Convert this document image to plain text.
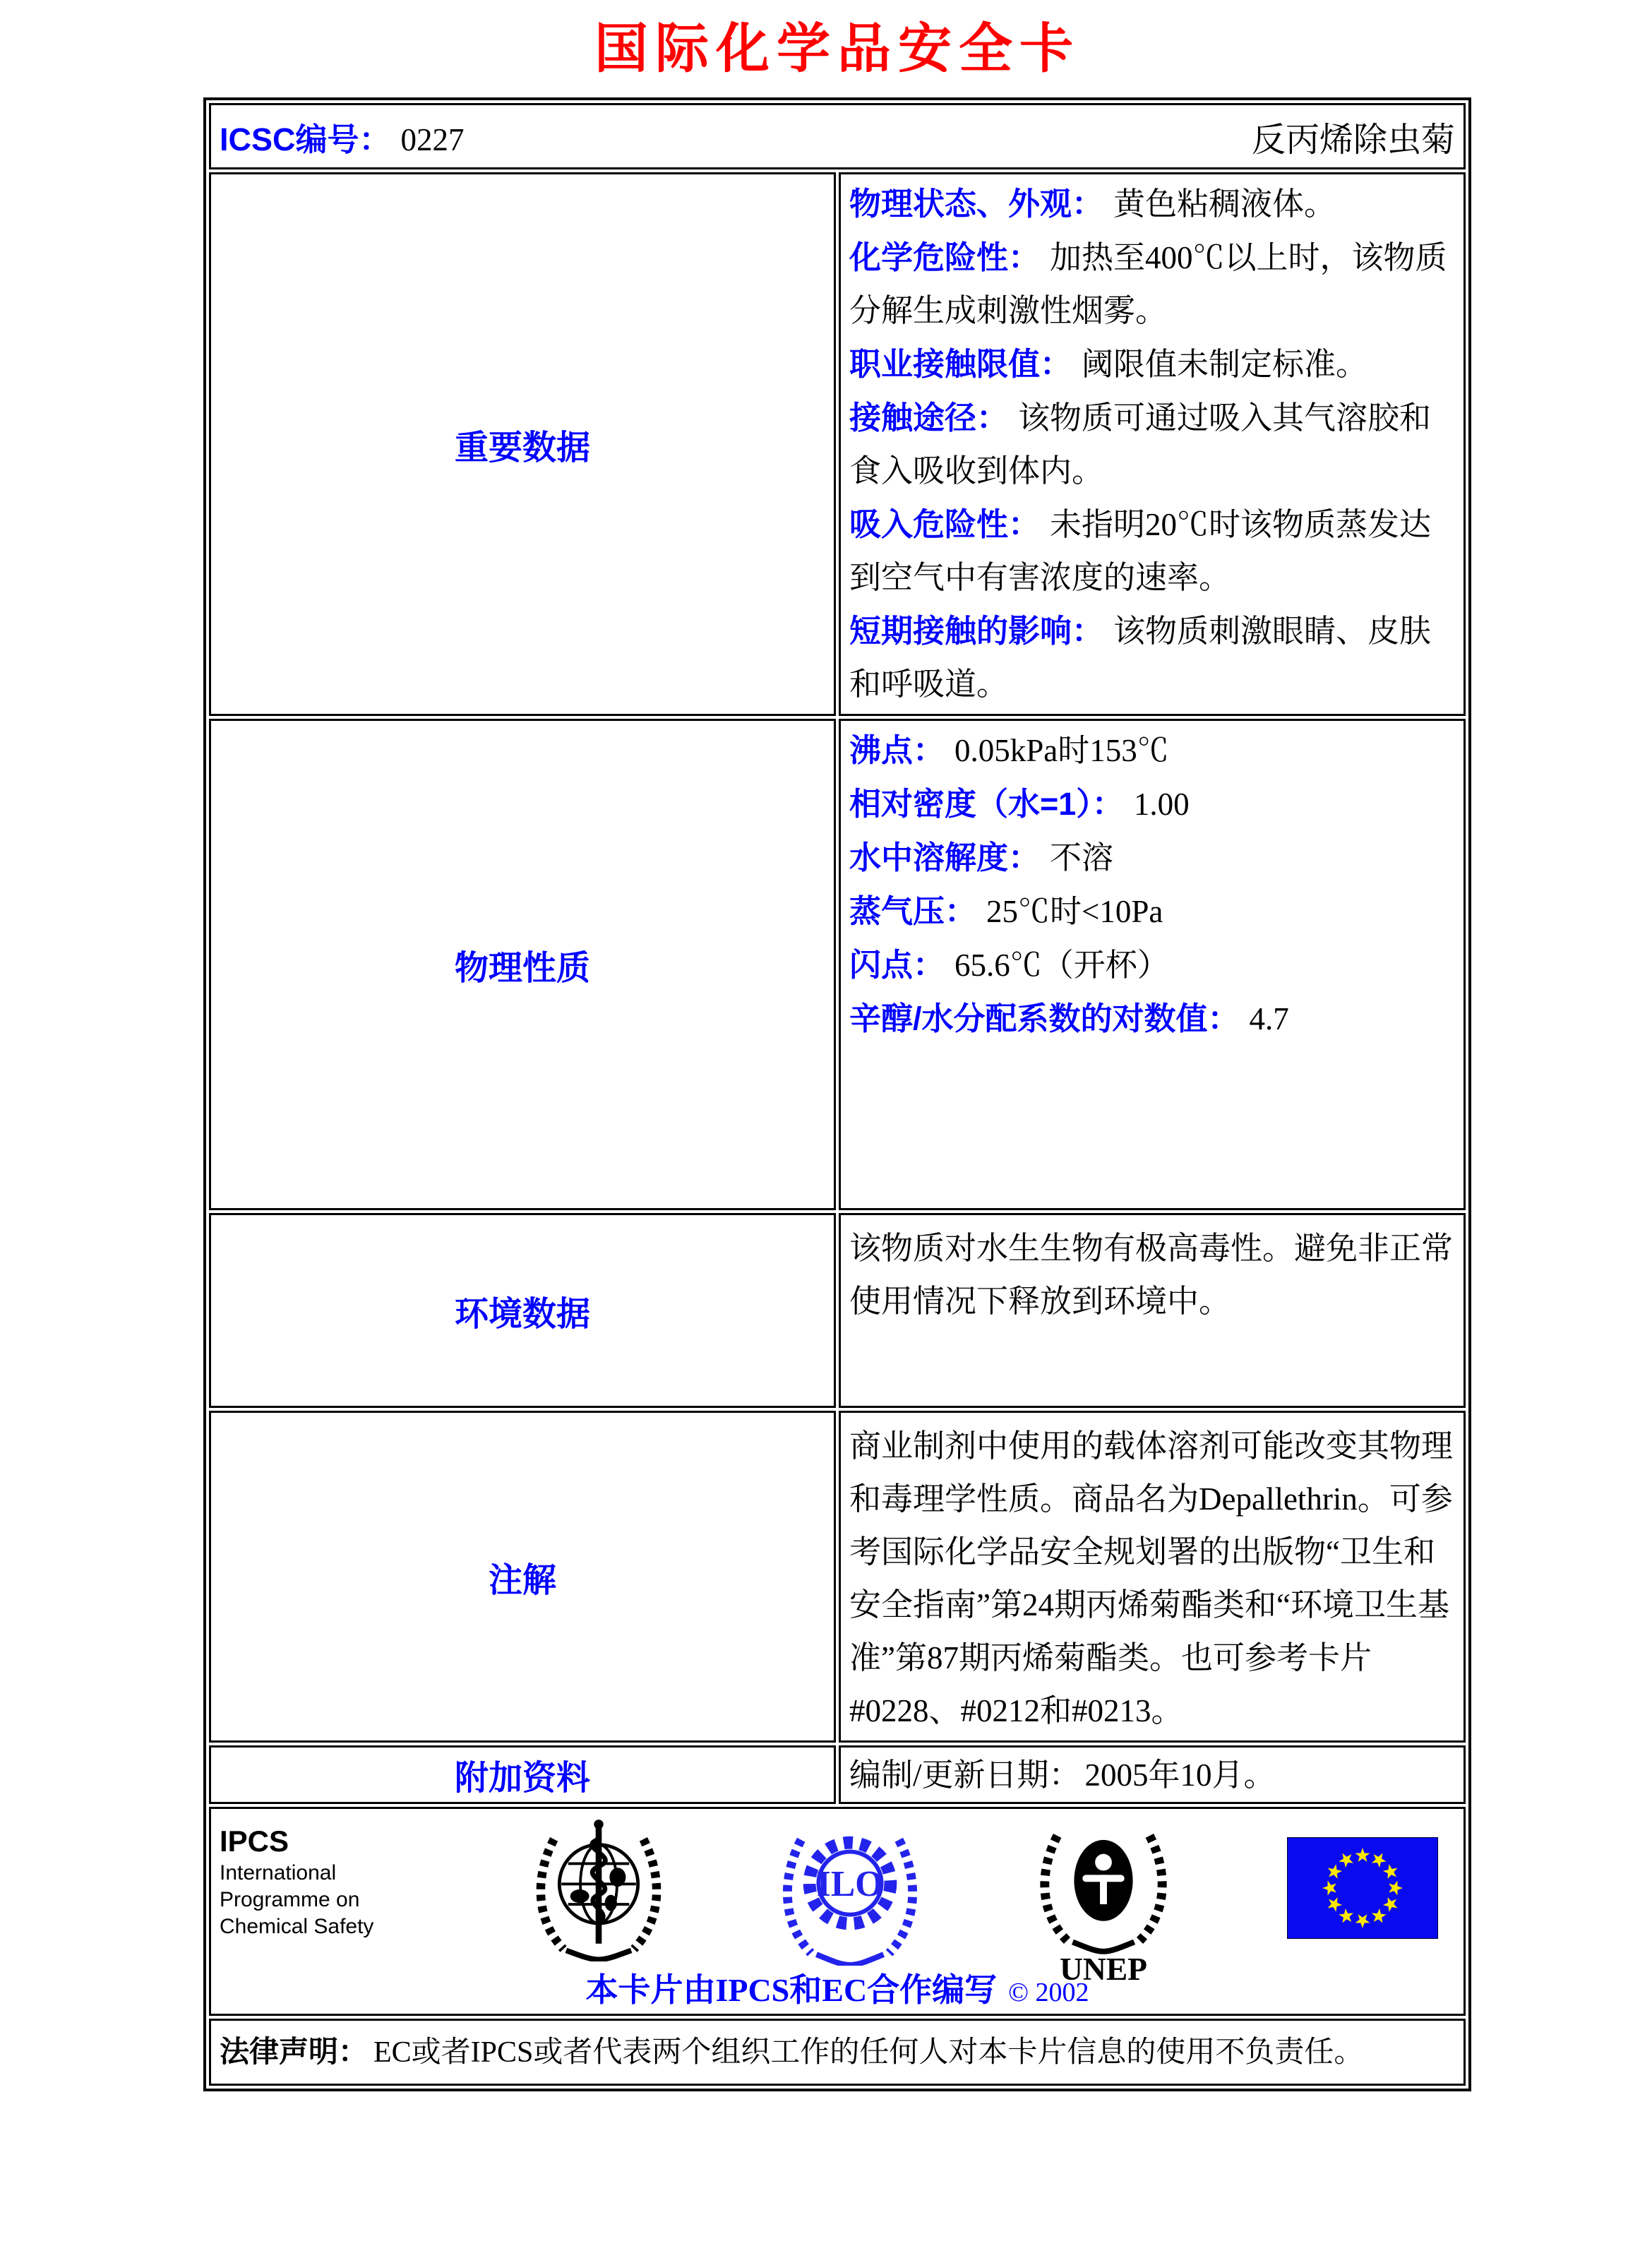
国际化学品安全卡
ICSC编号： 0227 反丙烯除虫菊	

重要数据	
物理状态、外观： 黄色粘稠液体。
化学危险性： 加热至400℃以上时，该物质分解生成刺激性烟雾。
职业接触限值： 阈限值未制定标准。
接触途径： 该物质可通过吸入其气溶胶和食入吸收到体内。
吸入危险性： 未指明20℃时该物质蒸发达到空气中有害浓度的速率。
短期接触的影响： 该物质刺激眼睛、皮肤和呼吸道。

物理性质	
沸点： 0.05kPa时153℃
相对密度（水=1）： 1.00
水中溶解度： 不溶
蒸气压： 25℃时<10Pa
闪点： 65.6℃（开杯）
辛醇/水分配系数的对数值： 4.7

环境数据	该物质对水生生物有极高毒性。避免非正常使用情况下释放到环境中。

注解	商业制剂中使用的载体溶剂可能改变其物理和毒理学性质。商品名为Depallethrin。可参考国际化学品安全规划署的出版物“卫生和安全指南”第24期丙烯菊酯类和“环境卫生基准”第87期丙烯菊酯类。也可参考卡片#0228、#0212和#0213。

附加资料	编制/更新日期： 2005年10月。

IPCS
International
Programme on
Chemical Safety
ILO
UNEP
本卡片由IPCS和EC合作编写 © 2002

法律声明： EC或者IPCS或者代表两个组织工作的任何人对本卡片信息的使用不负责任。	
